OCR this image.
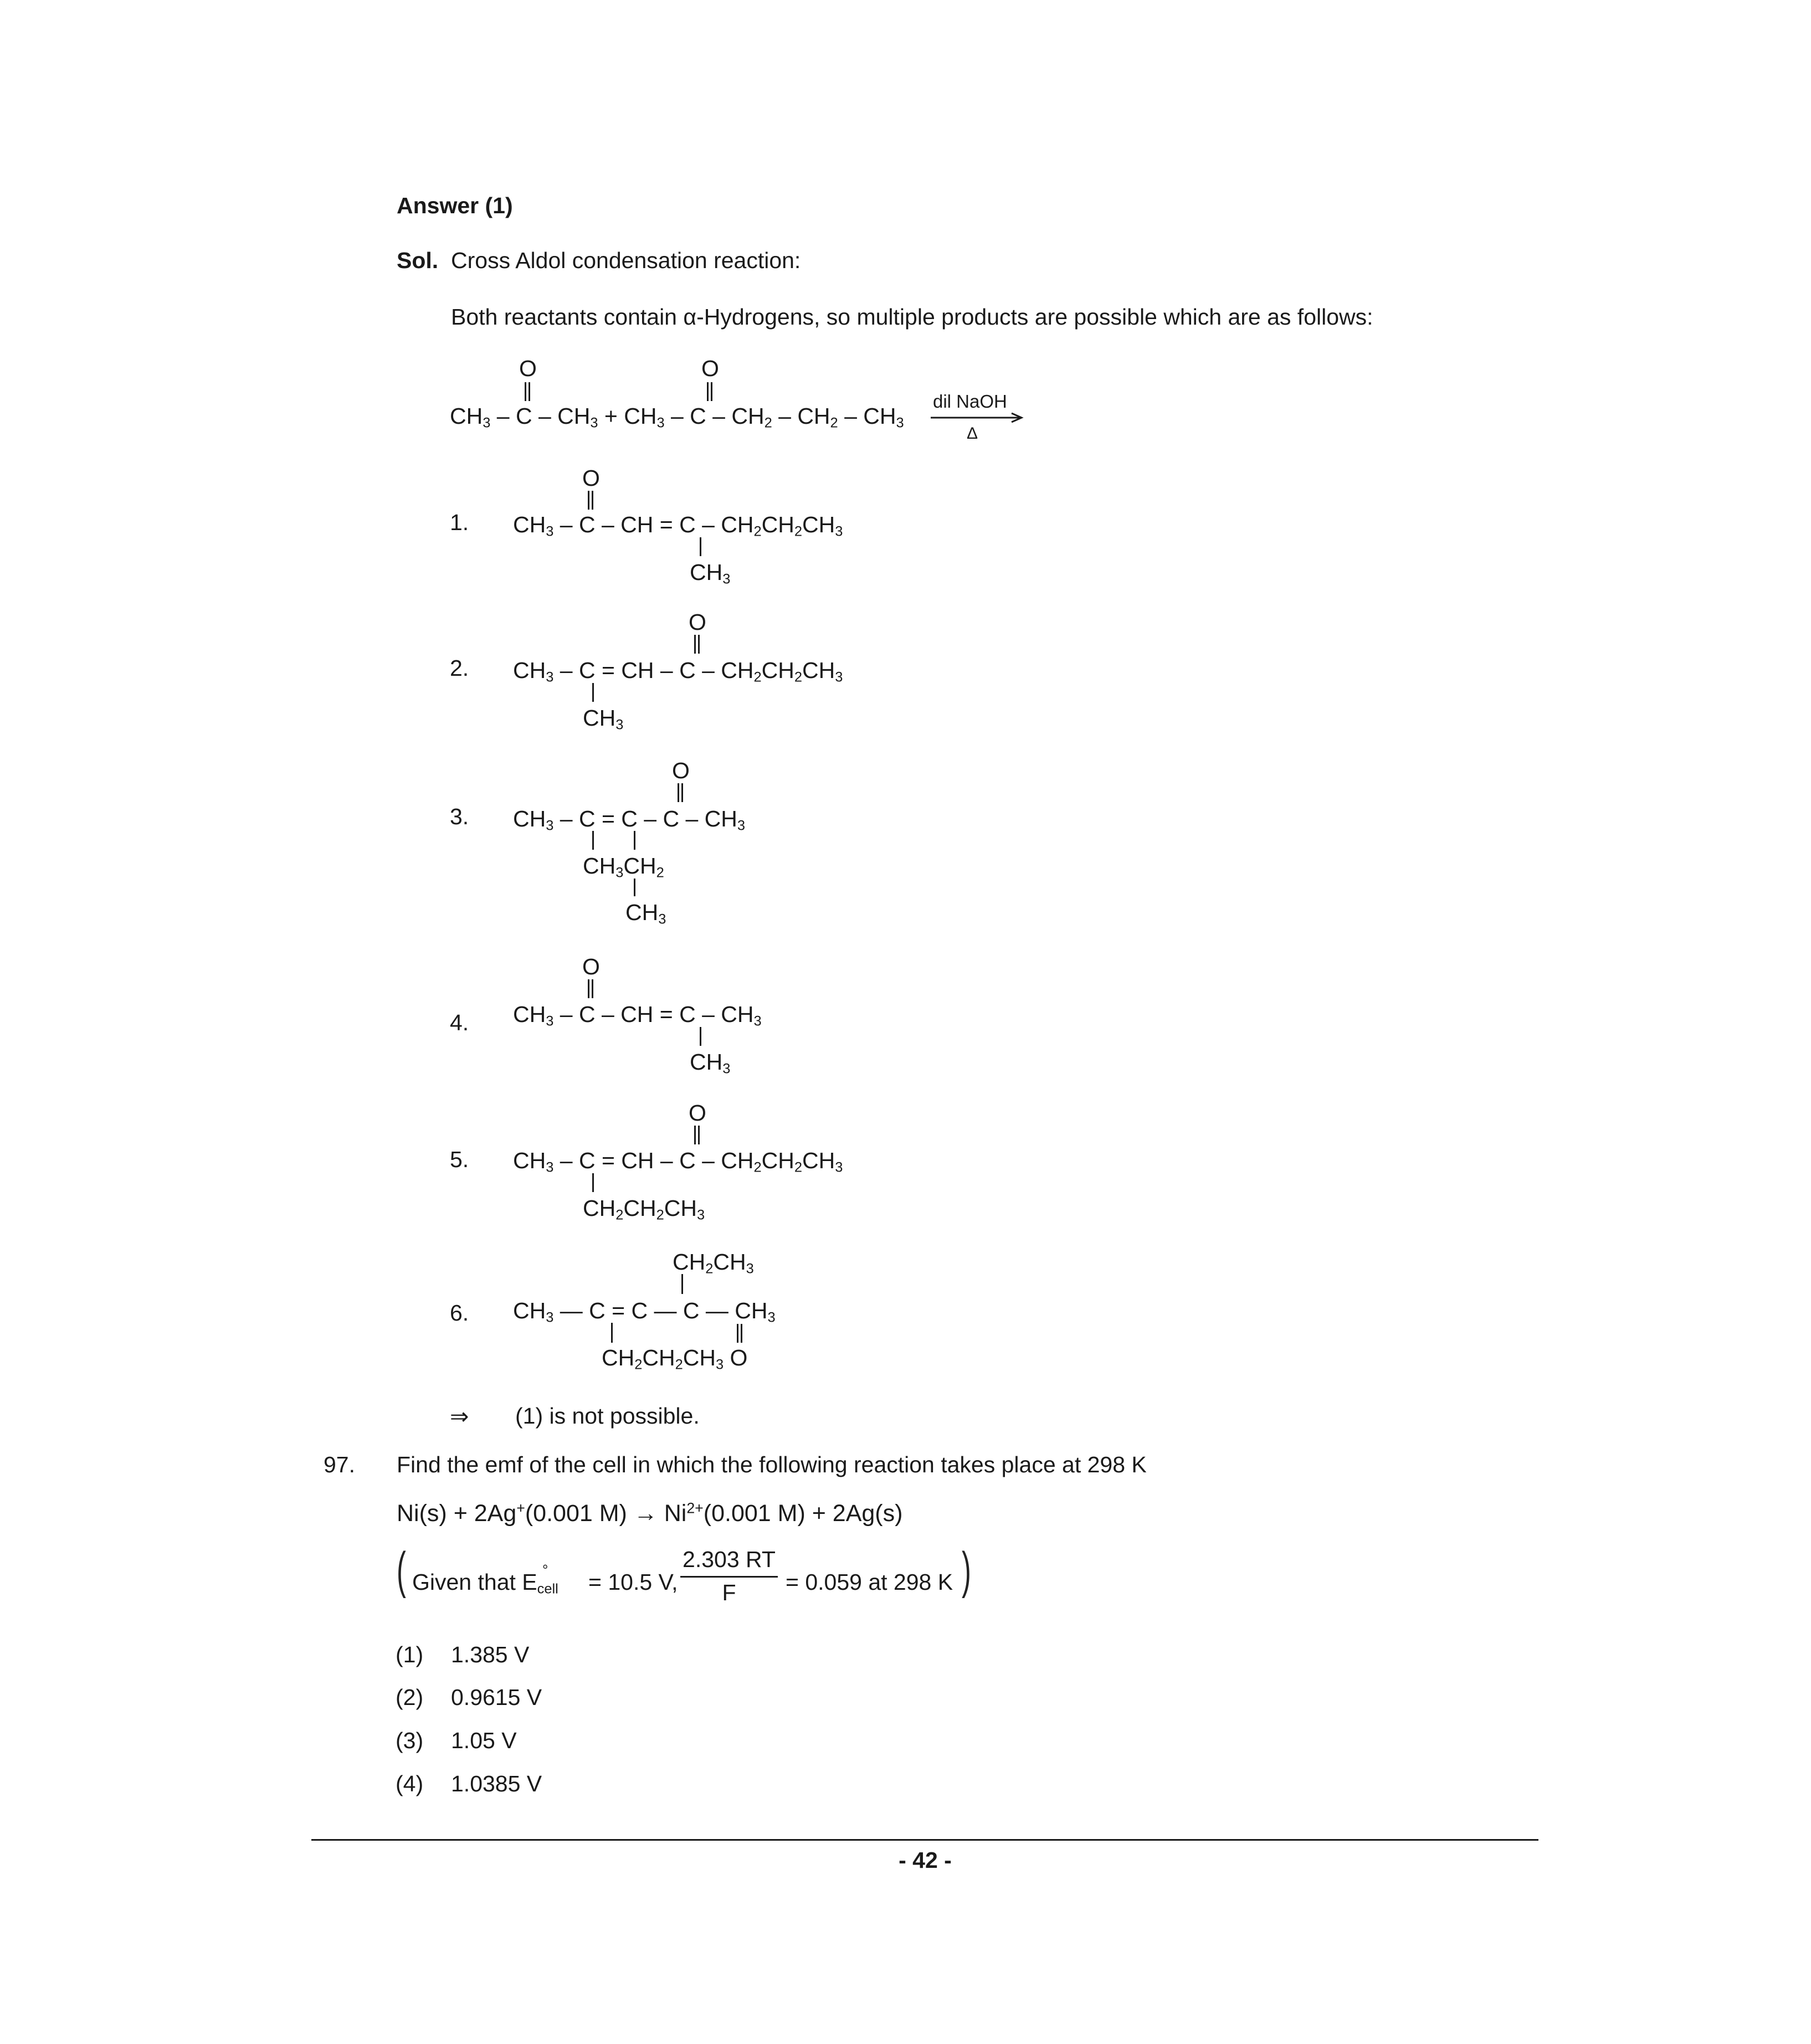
Answer (1)
Sol. Cross Aldol condensation reaction:
Both reactants contain α-Hydrogens, so multiple products are possible which are as follows:
O
$CH_3 - C - CH_3 + CH_3 - C - CH_2 - CH_2 - CH_3$
O
dil NaOH
Δ
1.
2.
3.
4.
5.
6.
O
$CH_3$ – C – CH = C – $CH_2CH_2CH_3$
$CH_3$
O
$CH_3$ – C = CH – C – $CH_2CH_2CH_3$
$CH_3$
O
$CH_3 - C = C - C - CH_3$
$CH_3CH_2$
$CH_3$
O
$CH_3$ – C – CH = C – $CH_3$
$CH_3$
O
$CH_3$ – C = CH – C – $CH_2CH_2CH_3$
$CH_2CH_2CH_3$
$CH_2CH_3$
$CH_3$ — C = C — C — $CH_3$
$CH_2CH_2CH_3$ O
⇒ (1) is not possible.
97. Find the emf of the cell in which the following reaction takes place at 298 K
Ni(s) + 2Ag+(0.001 $M) \to Ni^{2+}(0.001$ M) + 2Ag(s)
( Given that $E_{cell}$
° = 10.5 V,
2.303 RT
F	= 0.059 at 298 K )
(1) 1.385 V
(2) 0.9615 V
(3) 1.05 V
(4) 1.0385 V
- 42 -
